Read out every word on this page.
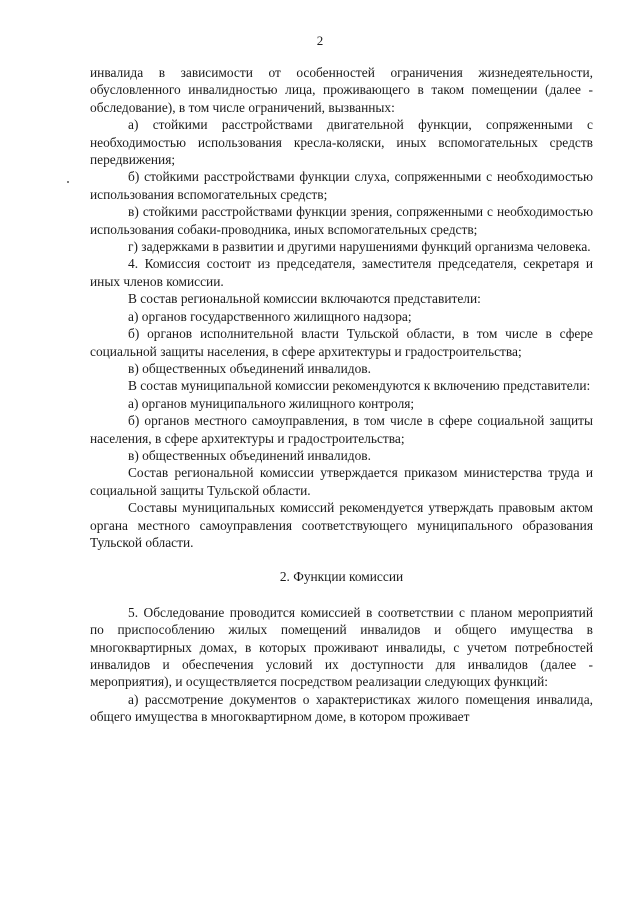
2

инвалида в зависимости от особенностей ограничения жизнедеятельности, обусловленного инвалидностью лица, проживающего в таком помещении (далее - обследование), в том числе ограничений, вызванных:

а) стойкими расстройствами двигательной функции, сопряженными с необходимостью использования кресла-коляски, иных вспомогательных средств передвижения;

б) стойкими расстройствами функции слуха, сопряженными с необходимостью использования вспомогательных средств;

в) стойкими расстройствами функции зрения, сопряженными с необходимостью использования собаки-проводника, иных вспомогательных средств;

г) задержками в развитии и другими нарушениями функций организма человека.

4. Комиссия состоит из председателя, заместителя председателя, секретаря и иных членов комиссии.

В состав региональной комиссии включаются представители:

а) органов государственного жилищного надзора;

б) органов исполнительной власти Тульской области, в том числе в сфере социальной защиты населения, в сфере архитектуры и градостроительства;

в) общественных объединений инвалидов.

В состав муниципальной комиссии рекомендуются к включению представители:

а) органов муниципального жилищного контроля;

б) органов местного самоуправления, в том числе в сфере социальной защиты населения, в сфере архитектуры и градостроительства;

в) общественных объединений инвалидов.

Состав региональной комиссии утверждается приказом министерства труда и социальной защиты Тульской области.

Составы муниципальных комиссий рекомендуется утверждать правовым актом органа местного самоуправления соответствующего муниципального образования Тульской области.

2. Функции комиссии

5. Обследование проводится комиссией в соответствии с планом мероприятий по приспособлению жилых помещений инвалидов и общего имущества в многоквартирных домах, в которых проживают инвалиды, с учетом потребностей инвалидов и обеспечения условий их доступности для инвалидов (далее - мероприятия), и осуществляется посредством реализации следующих функций:

а) рассмотрение документов о характеристиках жилого помещения инвалида, общего имущества в многоквартирном доме, в котором проживает
